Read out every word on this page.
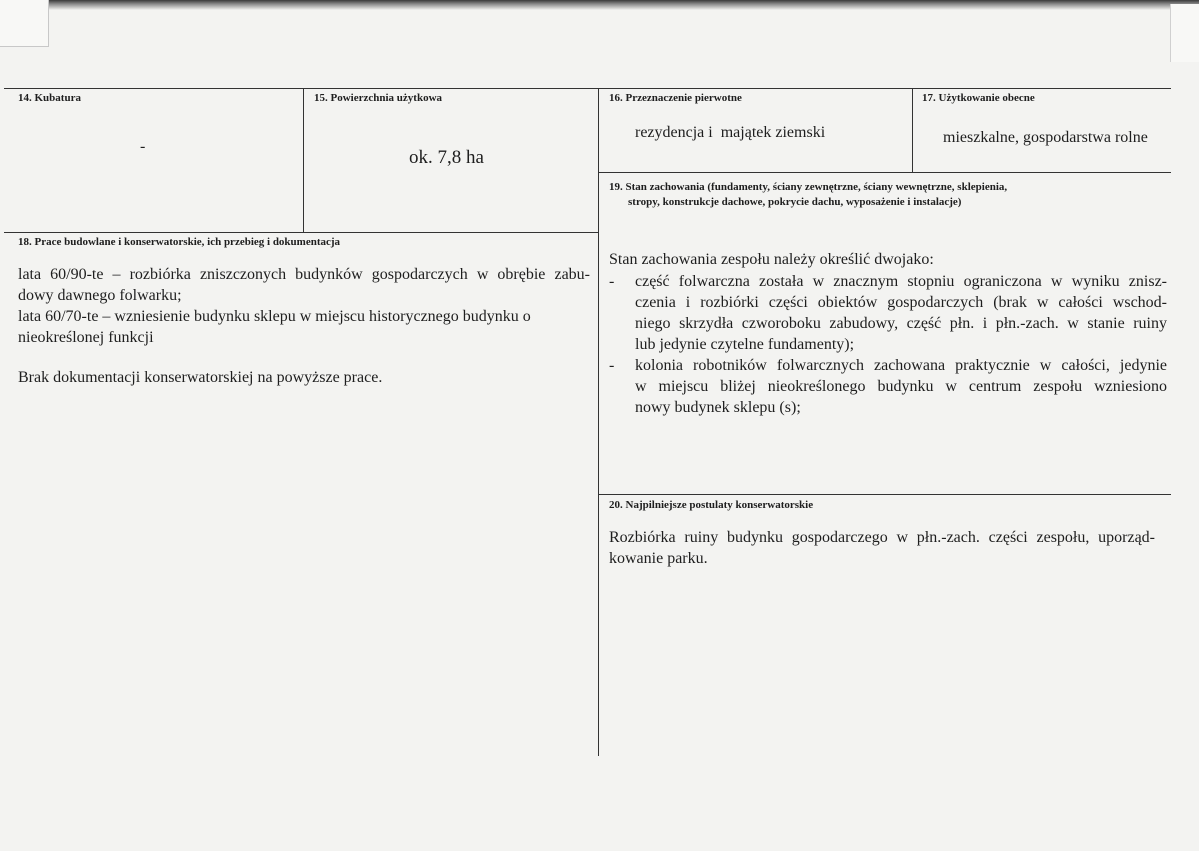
14. Kubatura
-
15. Powierzchnia użytkowa
ok. 7,8 ha
16. Przeznaczenie pierwotne
rezydencja i  majątek ziemski
17. Użytkowanie obecne
mieszkalne, gospodarstwa rolne
19. Stan zachowania (fundamenty, ściany zewnętrzne, ściany wewnętrzne, sklepienia,
stropy, konstrukcje dachowe, pokrycie dachu, wyposażenie i instalacje)
Stan zachowania zespołu należy określić dwojako:
- część folwarczna została w znacznym stopniu ograniczona w wyniku znisz-
czenia i rozbiórki części obiektów gospodarczych (brak w całości wschod-
niego skrzydła czworoboku zabudowy, część płn. i płn.-zach. w stanie ruiny
lub jedynie czytelne fundamenty);
- kolonia robotników folwarcznych zachowana praktycznie w całości, jedynie
w miejscu bliżej nieokreślonego budynku w centrum zespołu wzniesiono
nowy budynek sklepu (s);
18. Prace budowlane i konserwatorskie, ich przebieg i dokumentacja
lata 60/90-te – rozbiórka zniszczonych budynków gospodarczych w obrębie zabu-
dowy dawnego folwarku;
lata 60/70-te – wzniesienie budynku sklepu w miejscu historycznego budynku o
nieokreślonej funkcji
Brak dokumentacji konserwatorskiej na powyższe prace.
20. Najpilniejsze postulaty konserwatorskie
Rozbiórka ruiny budynku gospodarczego w płn.-zach. części zespołu, uporząd-
kowanie parku.
